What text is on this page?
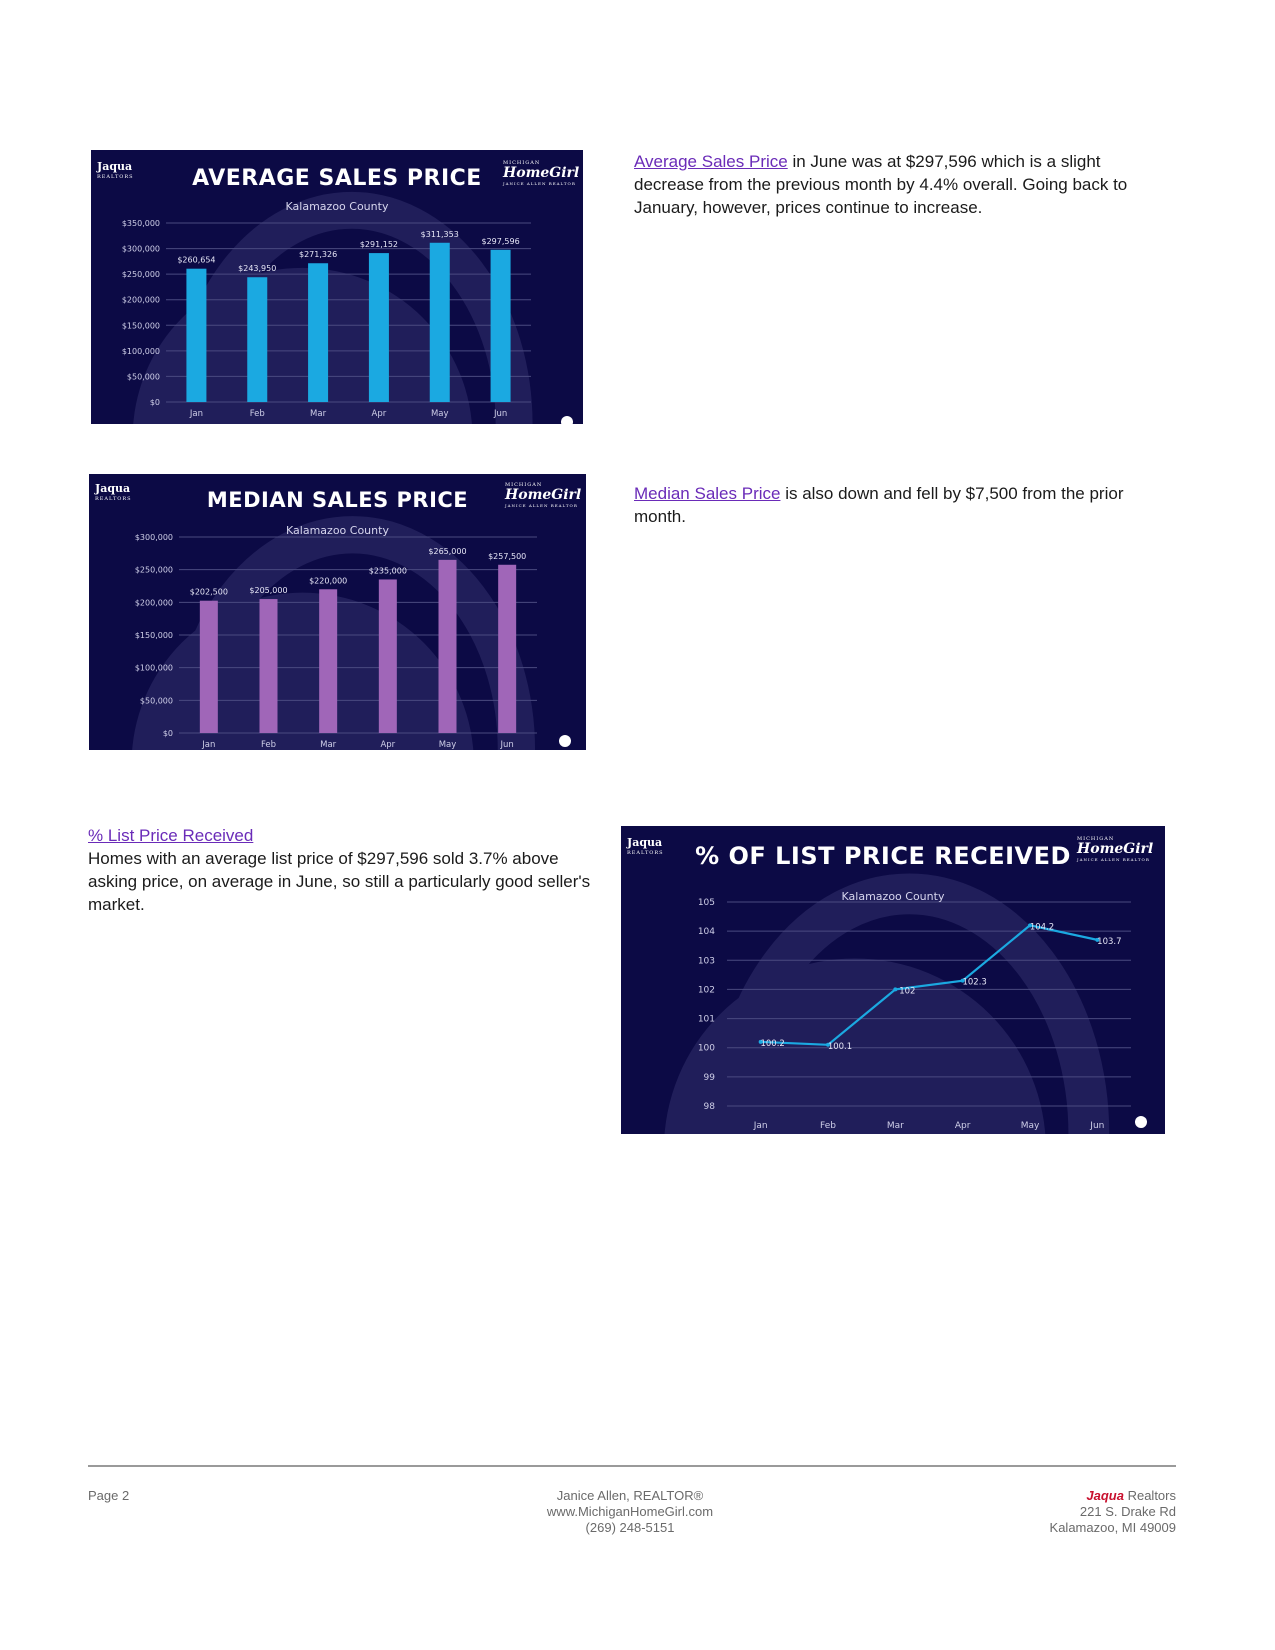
$0
$50,000
$100,000
$150,000
$200,000
$250,000
$300,000
$350,000
$260,654
Jan
$243,950
Feb
$271,326
Mar
$291,152
Apr
$311,353
May
$297,596
Jun
Jaqua
REALTORS	AVERAGE SALES PRICE
Kalamazoo County
MICHIGAN
HomeGirl
JANICE ALLEN REALTOR
Average Sales Price in June was at $297,596 which is a slight decrease from the previous month by 4.4% overall. Going back to January, however, prices continue to increase.
$0
$50,000
$100,000
$150,000
$200,000
$250,000
$300,000
$202,500
Jan
$205,000
Feb
$220,000
Mar
$235,000
Apr
$265,000
May
$257,500
Jun
Jaqua
REALTORS	MEDIAN SALES PRICE
Kalamazoo County
MICHIGAN
HomeGirl
JANICE ALLEN REALTOR
Median Sales Price is also down and fell by $7,500 from the prior month.
% List Price Received
Homes with an average list price of $297,596 sold 3.7% above asking price, on average in June, so still a particularly good seller's market.
98
99
100
101
102
103
104
105
100.2
Jan
100.1
Feb
102
Mar
102.3
Apr
104.2
May
103.7
Jun
Jaqua
REALTORS	% OF LIST PRICE RECEIVED
Kalamazoo County
MICHIGAN
HomeGirl
JANICE ALLEN REALTOR
Page 2	Janice Allen, REALTOR®
www.MichiganHomeGirl.com
(269) 248-5151
Jaqua Realtors
221 S. Drake Rd
Kalamazoo, MI 49009
